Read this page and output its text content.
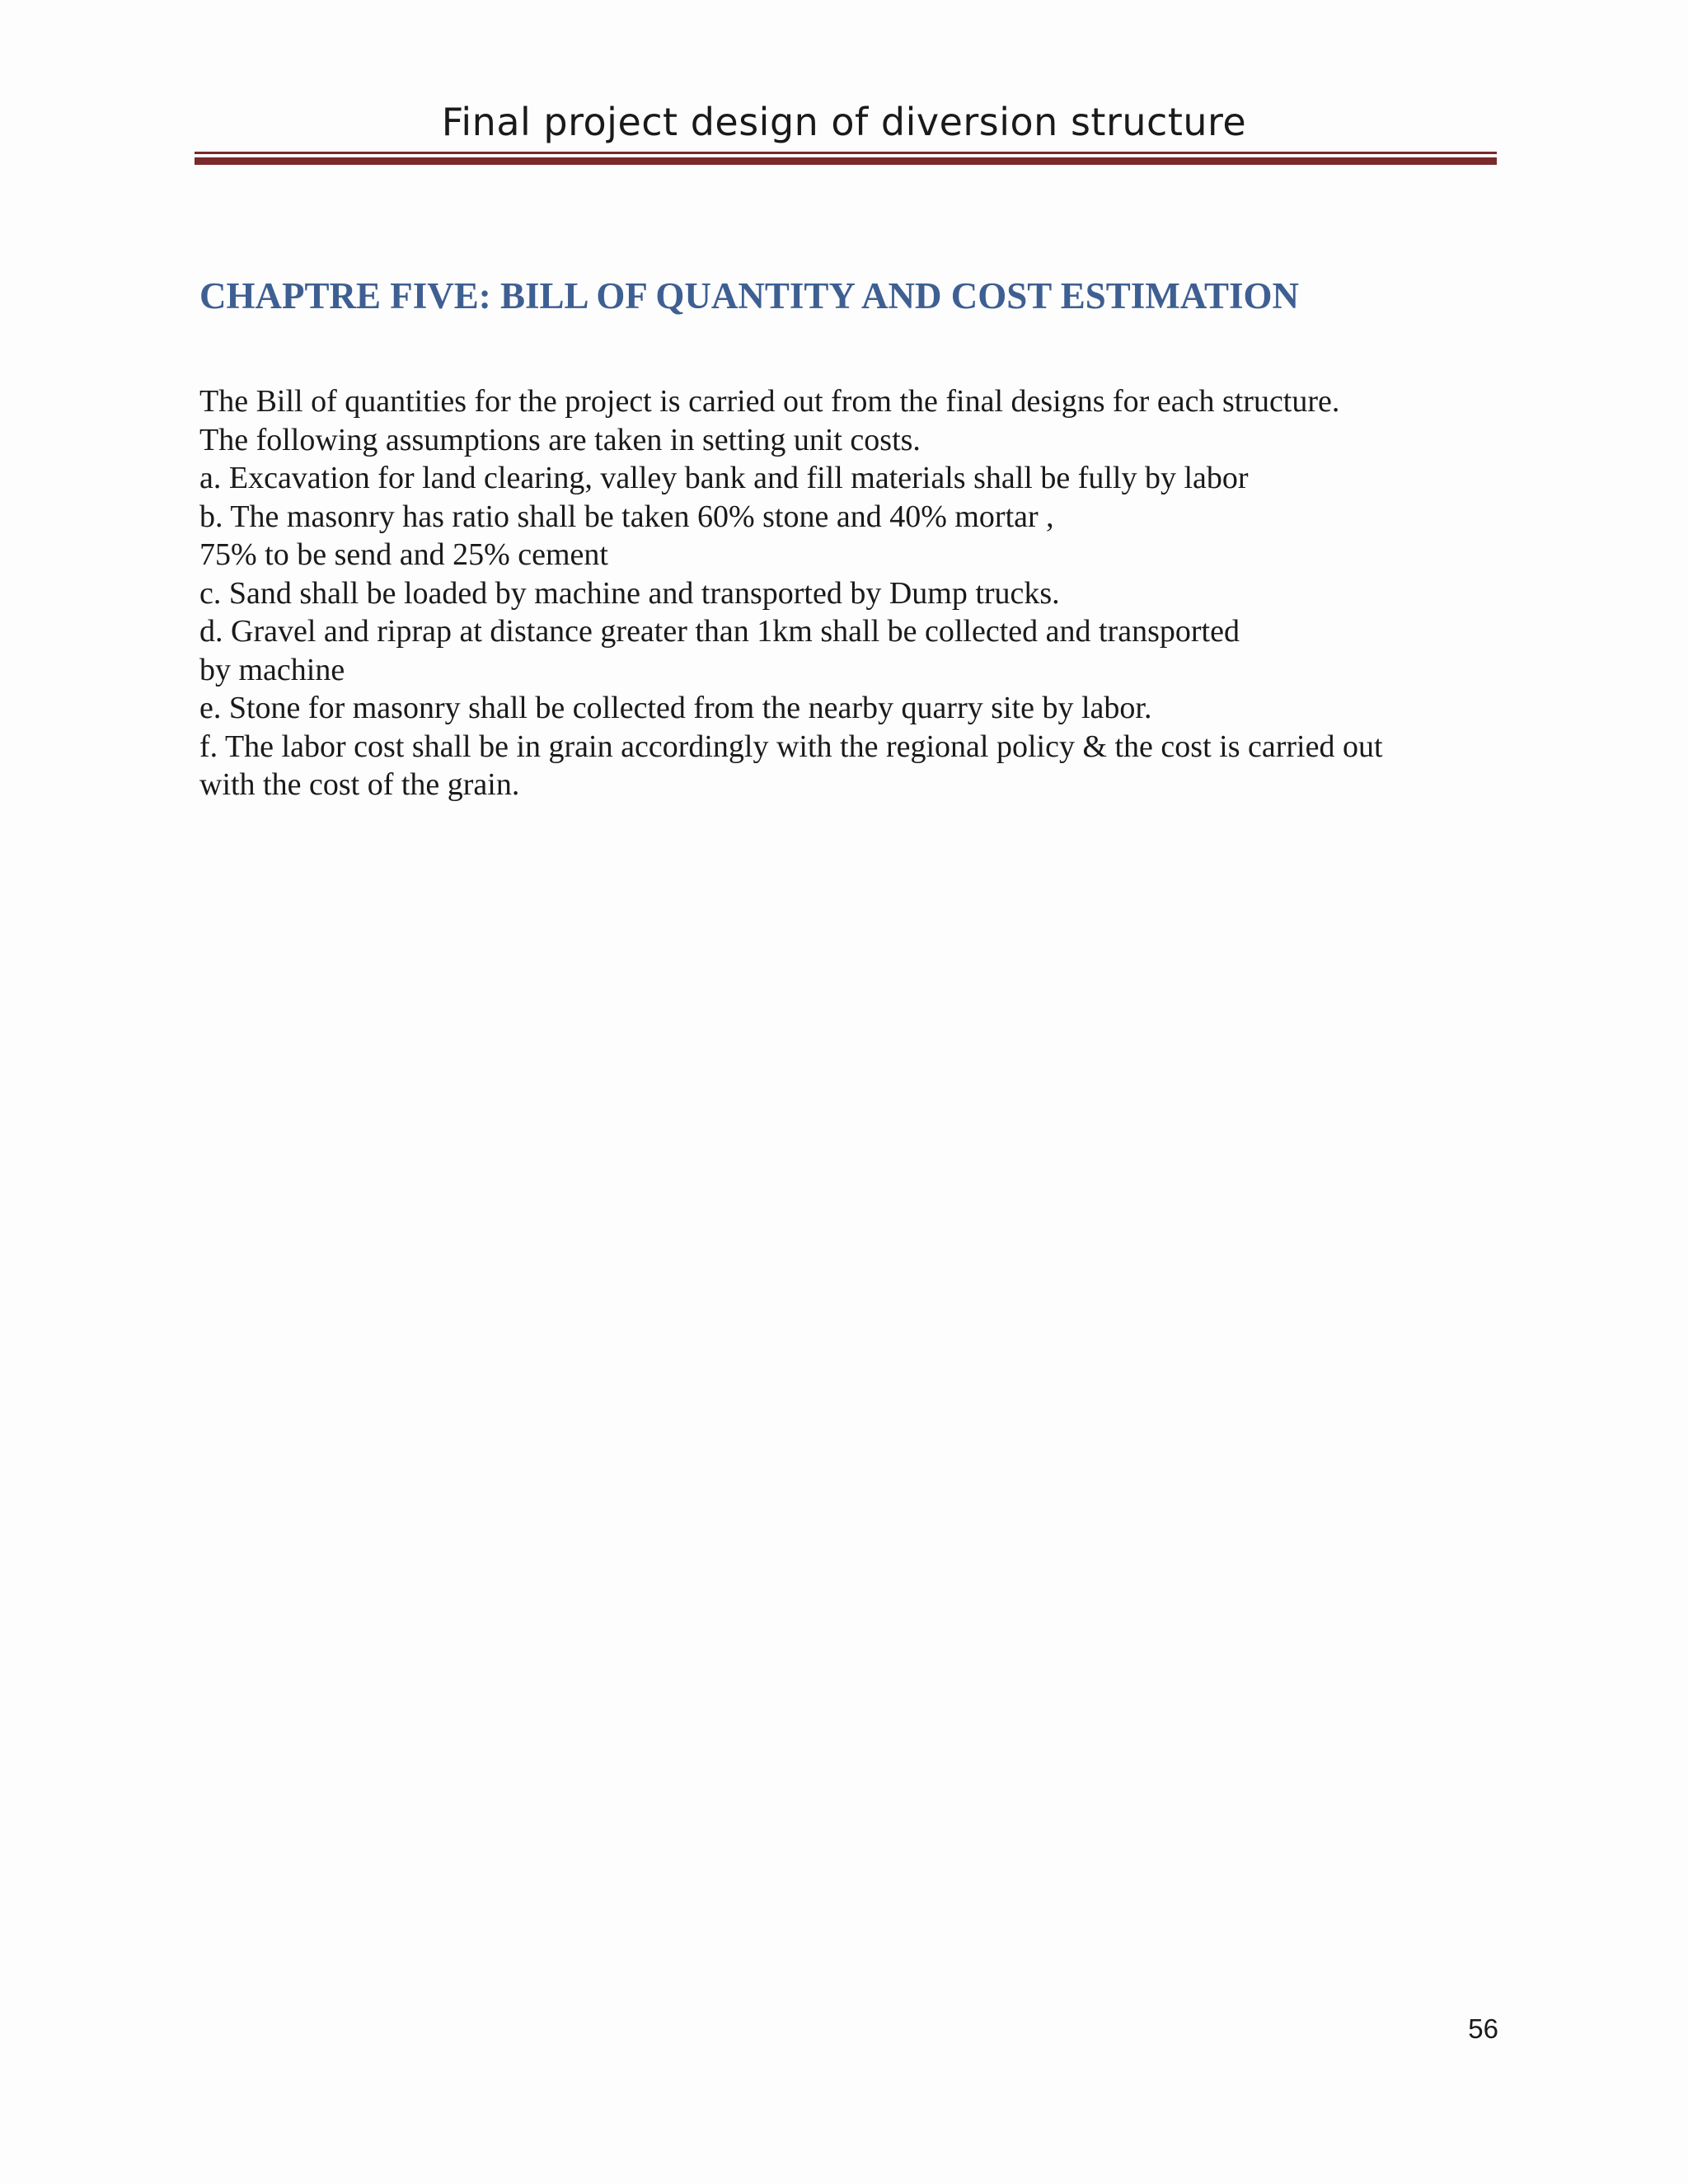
Final project design of diversion structure
CHAPTRE FIVE: BILL OF QUANTITY AND COST ESTIMATION
The Bill of quantities for the project is carried out from the final designs for each structure.
The following assumptions are taken in setting unit costs.
a. Excavation for land clearing, valley bank and fill materials shall be fully by labor
b. The masonry has ratio shall be taken 60% stone and 40% mortar ,
75% to be send and 25% cement
c. Sand shall be loaded by machine and transported by Dump trucks.
d. Gravel and riprap at distance greater than 1km shall be collected and transported
by machine
e. Stone for masonry shall be collected from the nearby quarry site by labor.
f. The labor cost shall be in grain accordingly with the regional policy & the cost is carried out
with the cost of the grain.
56
